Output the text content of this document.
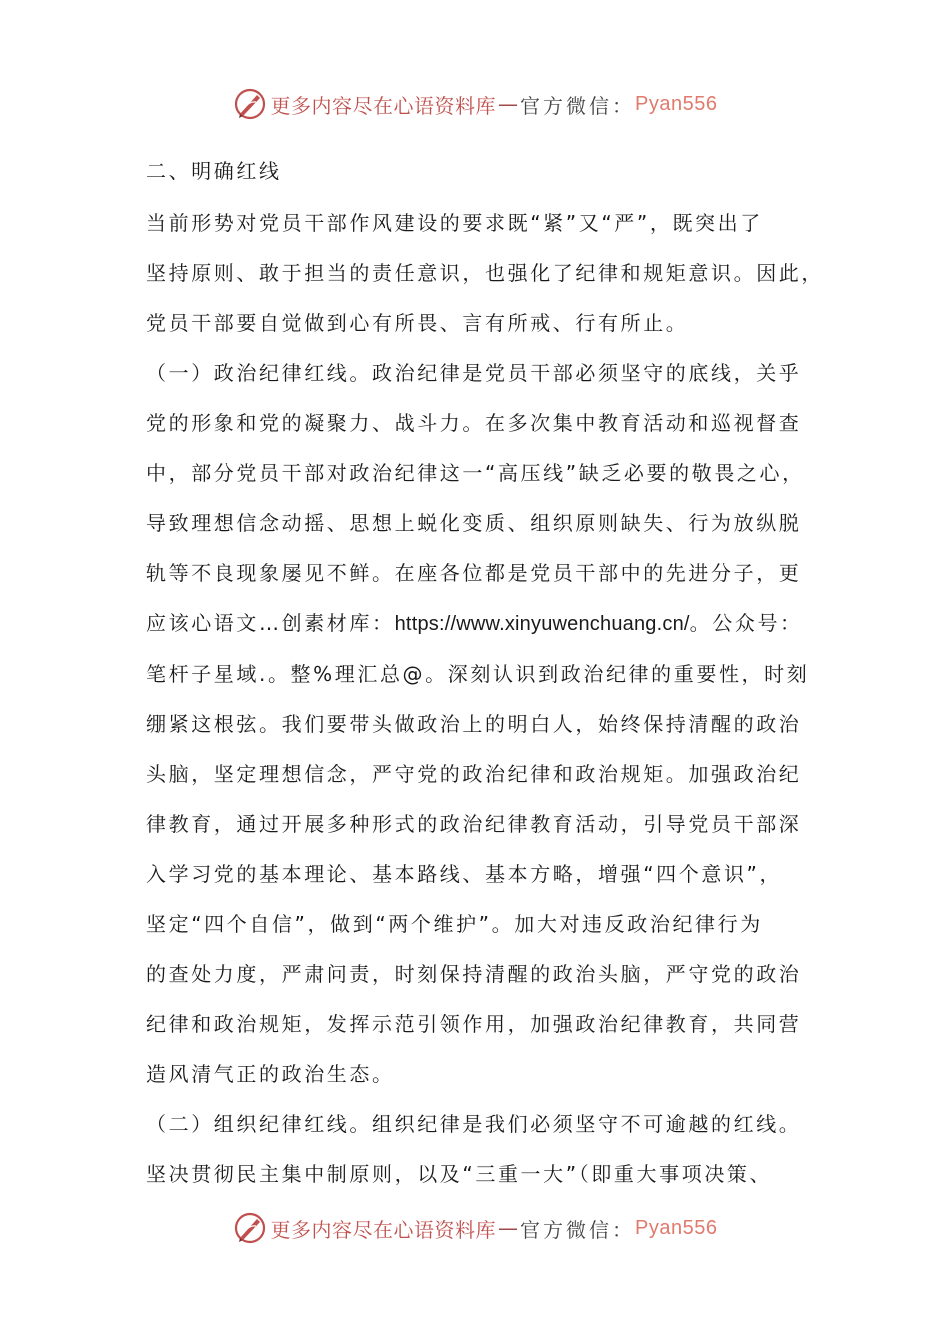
更多内容尽在心语资料库 — 官方微信： Pyan556

二、明确红线

当前形势对党员干部作风建设的要求既“紧”又“严”，既突出了

坚持原则、敢于担当的责任意识，也强化了纪律和规矩意识。因此，

党员干部要自觉做到心有所畏、言有所戒、行有所止。

（一）政治纪律红线。政治纪律是党员干部必须坚守的底线，关乎

党的形象和党的凝聚力、战斗力。在多次集中教育活动和巡视督查

中，部分党员干部对政治纪律这一“高压线”缺乏必要的敬畏之心，

导致理想信念动摇、思想上蜕化变质、组织原则缺失、行为放纵脱

轨等不良现象屡见不鲜。在座各位都是党员干部中的先进分子，更

应该心语文…创素材库：https://www.xinyuwenchuang.cn/。公众号：

笔杆子星域.。整%理汇总@。深刻认识到政治纪律的重要性，时刻

绷紧这根弦。我们要带头做政治上的明白人，始终保持清醒的政治

头脑，坚定理想信念，严守党的政治纪律和政治规矩。加强政治纪

律教育，通过开展多种形式的政治纪律教育活动，引导党员干部深

入学习党的基本理论、基本路线、基本方略，增强“四个意识”，

坚定“四个自信”，做到“两个维护”。加大对违反政治纪律行为

的查处力度，严肃问责，时刻保持清醒的政治头脑，严守党的政治

纪律和政治规矩，发挥示范引领作用，加强政治纪律教育，共同营

造风清气正的政治生态。

（二）组织纪律红线。组织纪律是我们必须坚守不可逾越的红线。

坚决贯彻民主集中制原则，以及“三重一大”（即重大事项决策、

更多内容尽在心语资料库 — 官方微信： Pyan556
